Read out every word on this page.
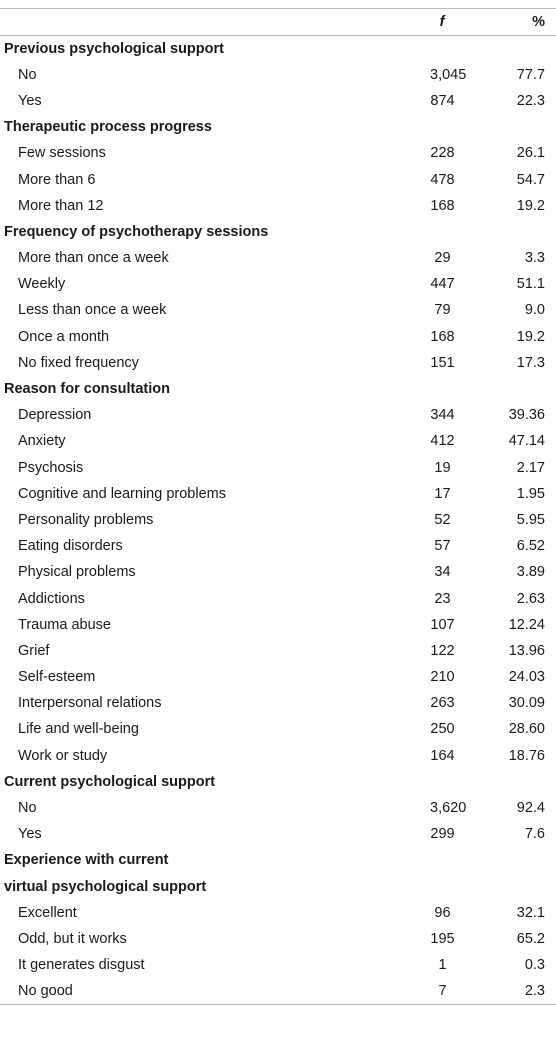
	f	%
Previous psychological support		
No	3,045	77.7
Yes	874	22.3
Therapeutic process progress		
Few sessions	228	26.1
More than 6	478	54.7
More than 12	168	19.2
Frequency of psychotherapy sessions		
More than once a week	29	3.3
Weekly	447	51.1
Less than once a week	79	9.0
Once a month	168	19.2
No fixed frequency	151	17.3
Reason for consultation		
Depression	344	39.36
Anxiety	412	47.14
Psychosis	19	2.17
Cognitive and learning problems	17	1.95
Personality problems	52	5.95
Eating disorders	57	6.52
Physical problems	34	3.89
Addictions	23	2.63
Trauma abuse	107	12.24
Grief	122	13.96
Self-esteem	210	24.03
Interpersonal relations	263	30.09
Life and well-being	250	28.60
Work or study	164	18.76
Current psychological support		
No	3,620	92.4
Yes	299	7.6
Experience with current		
virtual psychological support		
Excellent	96	32.1
Odd, but it works	195	65.2
It generates disgust	1	0.3
No good	7	2.3
